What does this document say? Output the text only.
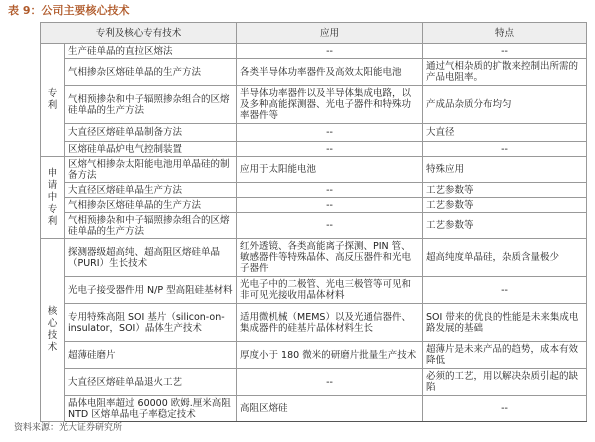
表 9：公司主要核心技术
专利及核心专有技术		应用	特点
专利	生产硅单晶的直拉区熔法	--	--
	气相掺杂区熔硅单晶的生产方法	各类半导体功率器件及高效太阳能电池	通过气相杂质的扩散来控制出所需的产品电阻率。
	气相预掺杂和中子辐照掺杂组合的区熔硅单晶的生产方法	半导体功率器件以及半导体集成电路，以及多种高能探测器、光电子器件和特殊功率器件等	产成品杂质分布均匀
	大直径区熔硅单晶制备方法	--	大直径
	区熔硅单晶炉电气控制装置	--	--
申请中专利	区熔气相掺杂太阳能电池用单晶硅的制备方法	应用于太阳能电池	特殊应用
	大直径区熔硅单晶生产方法	--	工艺参数等
	气相掺杂区熔硅单晶的生产方法	--	工艺参数等
	气相预掺杂和中子辐照掺杂组合的区熔硅单晶的生产方法	--	工艺参数等
核心技术	探测器级超高纯、超高阻区熔硅单晶（PURI）生长技术	红外透镜、各类高能离子探测、PIN 管、敏感器件等特殊晶体、高反压器件和光电子器件	超高纯度单晶硅，杂质含量极少
	光电子接受器件用 N/P 型高阻硅基材料	光电子中的二极管、光电三极管等可见和非可见光接收用晶体材料	--
	专用特殊高阻 SOI 基片（silicon-on-insulator，SOI）晶体生产技术	适用微机械（MEMS）以及光通信器件、集成器件的硅基片晶体材料生长	SOI 带来的优良的性能是未来集成电路发展的基础
	超薄硅磨片	厚度小于 180 微米的研磨片批量生产技术	超薄片是未来产品的趋势，成本有效降低
	大直径区熔硅单晶退火工艺	--	必须的工艺，用以解决杂质引起的缺陷
	晶体电阻率超过 60000 欧姆.厘米高阻 NTD 区熔单晶电子率稳定技术	高阻区熔硅	--
资料来源：光大证券研究所
